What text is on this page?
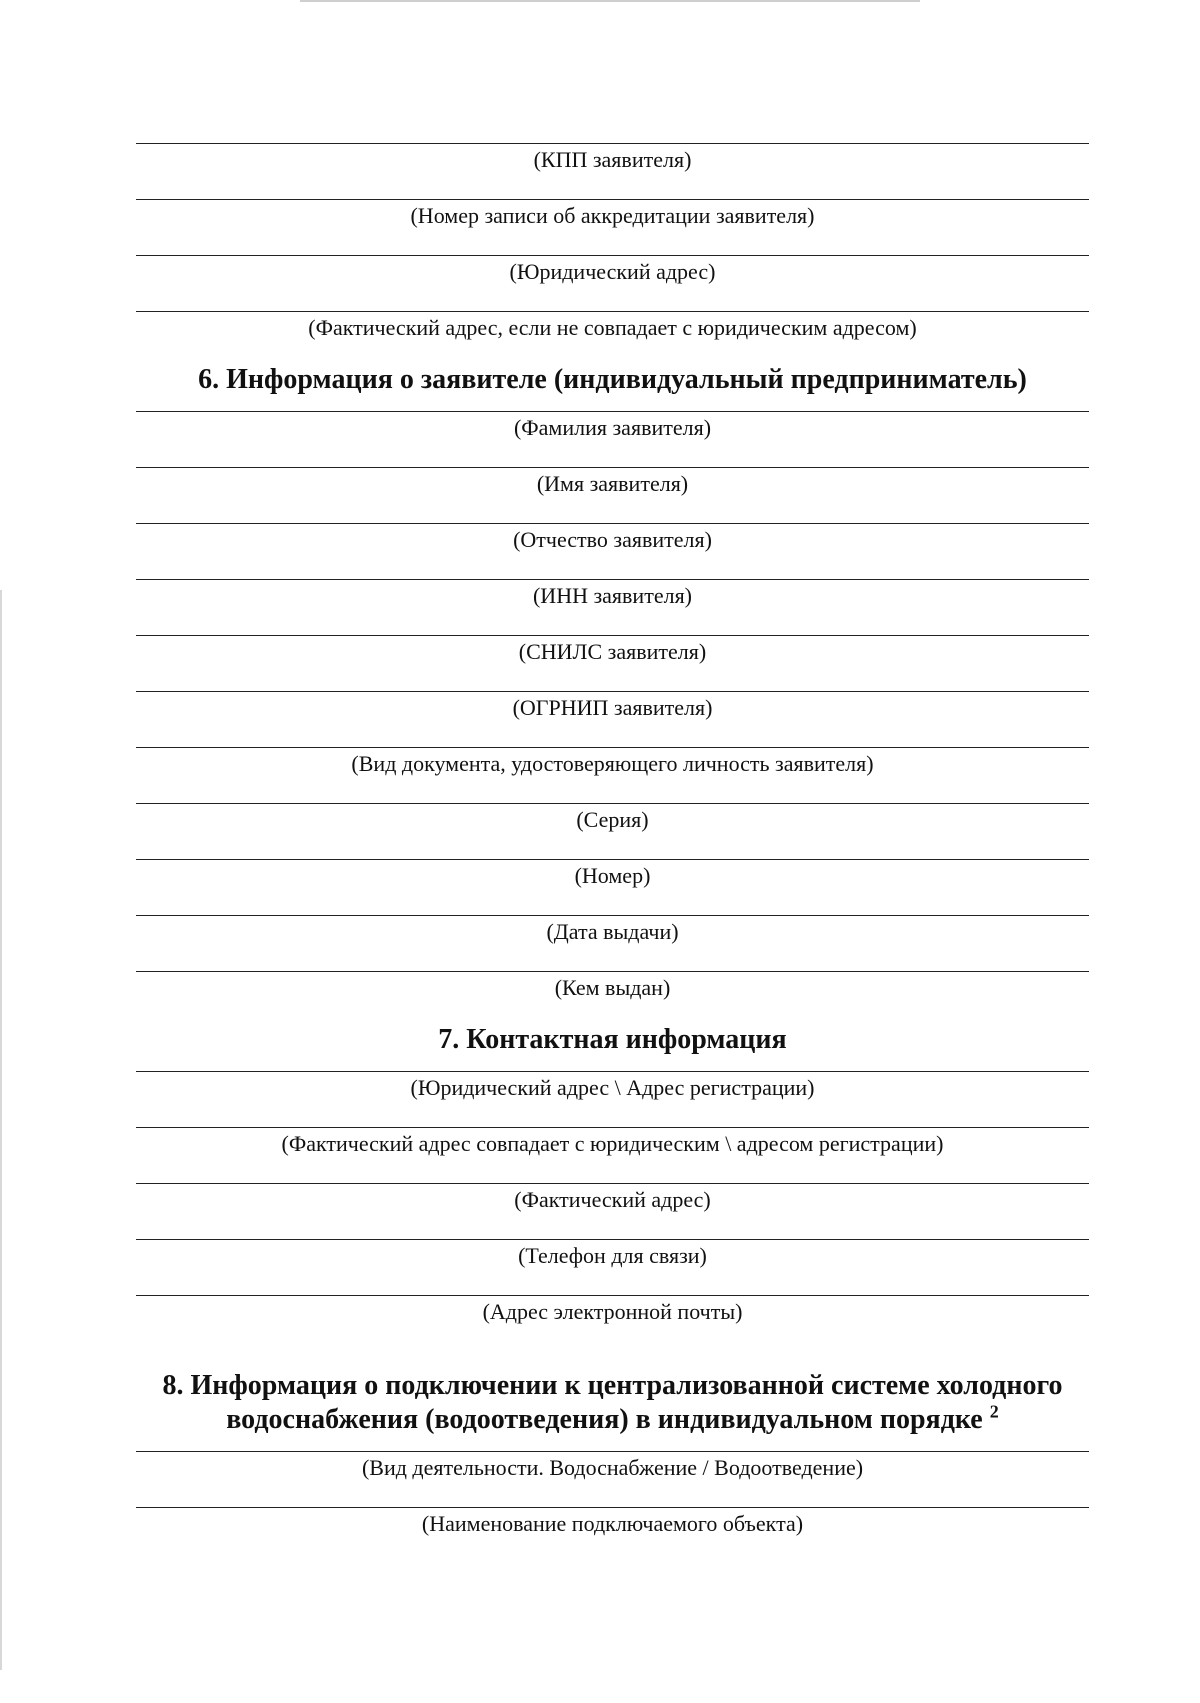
(КПП заявителя)
(Номер записи об аккредитации заявителя)
(Юридический адрес)
(Фактический адрес, если не совпадает с юридическим адресом)
6. Информация о заявителе (индивидуальный предприниматель)
(Фамилия заявителя)
(Имя заявителя)
(Отчество заявителя)
(ИНН заявителя)
(СНИЛС заявителя)
(ОГРНИП заявителя)
(Вид документа, удостоверяющего личность заявителя)
(Серия)
(Номер)
(Дата выдачи)
(Кем выдан)
7. Контактная информация
(Юридический адрес \ Адрес регистрации)
(Фактический адрес совпадает с юридическим \ адресом регистрации)
(Фактический адрес)
(Телефон для связи)
(Адрес электронной почты)
8. Информация о подключении к централизованной системе холодного
водоснабжения (водоотведения) в индивидуальном порядке $^2$
(Вид деятельности. Водоснабжение / Водоотведение)
(Наименование подключаемого объекта)
